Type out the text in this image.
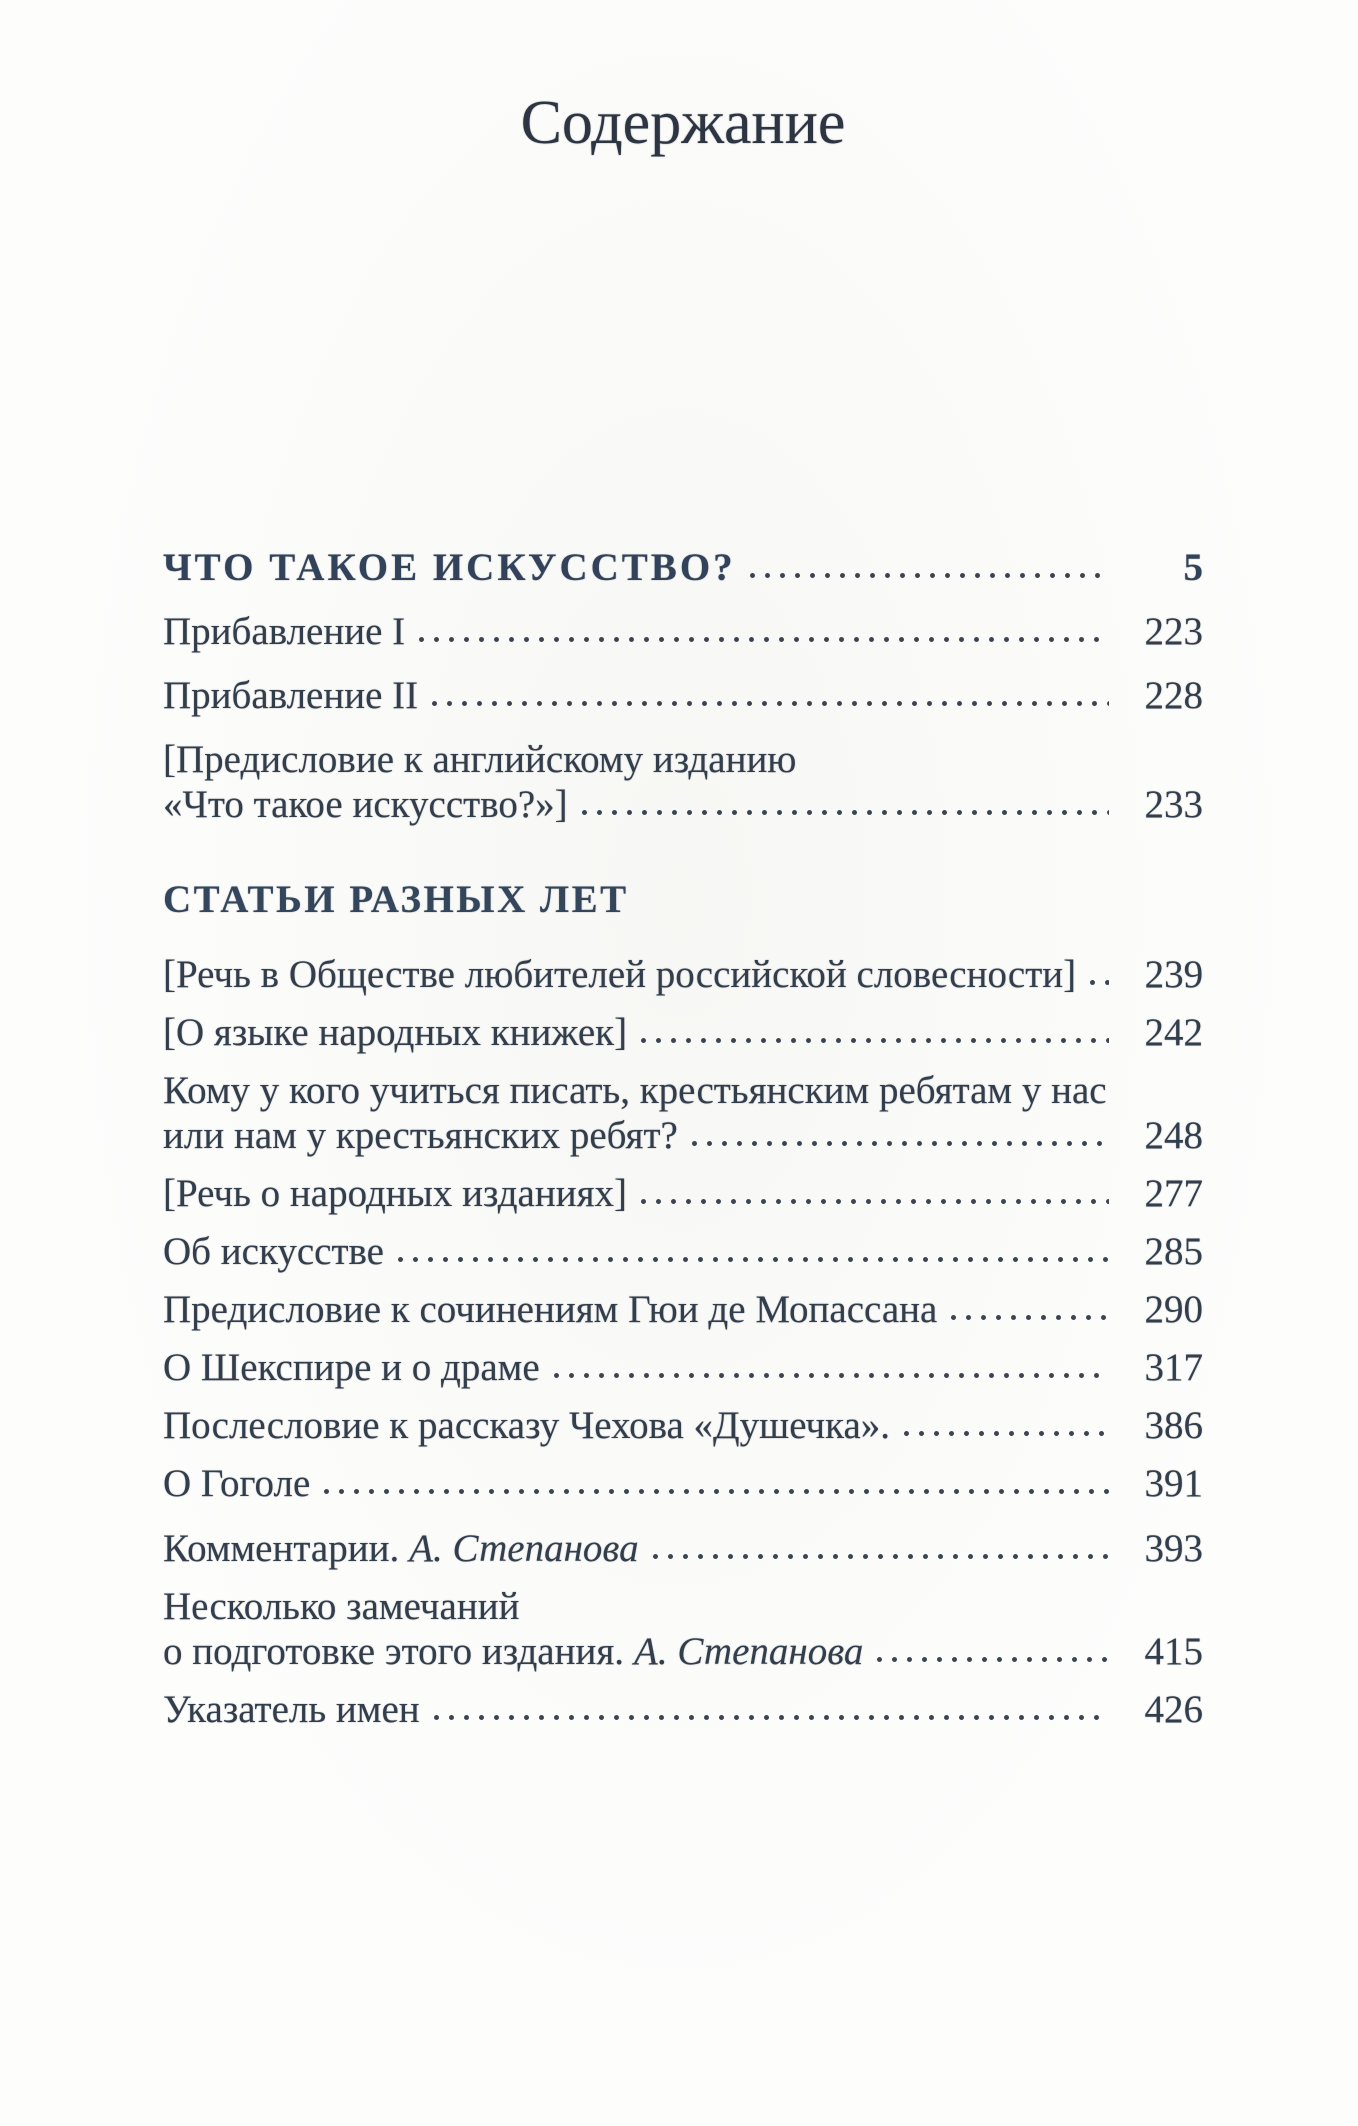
Содержание
ЧТО ТАКОЕ ИСКУССТВО?	5
Прибавление I	223
Прибавление II	228
[Предисловие к английскому изданию
«Что такое искусство?»]	233
СТАТЬИ РАЗНЫХ ЛЕТ
[Речь в Обществе любителей российской словесности]	239
[О языке народных книжек]	242
Кому у кого учиться писать, крестьянским ребятам у нас
или нам у крестьянских ребят?	248
[Речь о народных изданиях]	277
Об искусстве	285
Предисловие к сочинениям Гюи де Мопассана	290
О Шекспире и о драме	317
Послесловие к рассказу Чехова «Душечка».	386
О Гоголе	391
Комментарии. А. Степанова	393
Несколько замечаний
о подготовке этого издания. А. Степанова	415
Указатель имен	426
